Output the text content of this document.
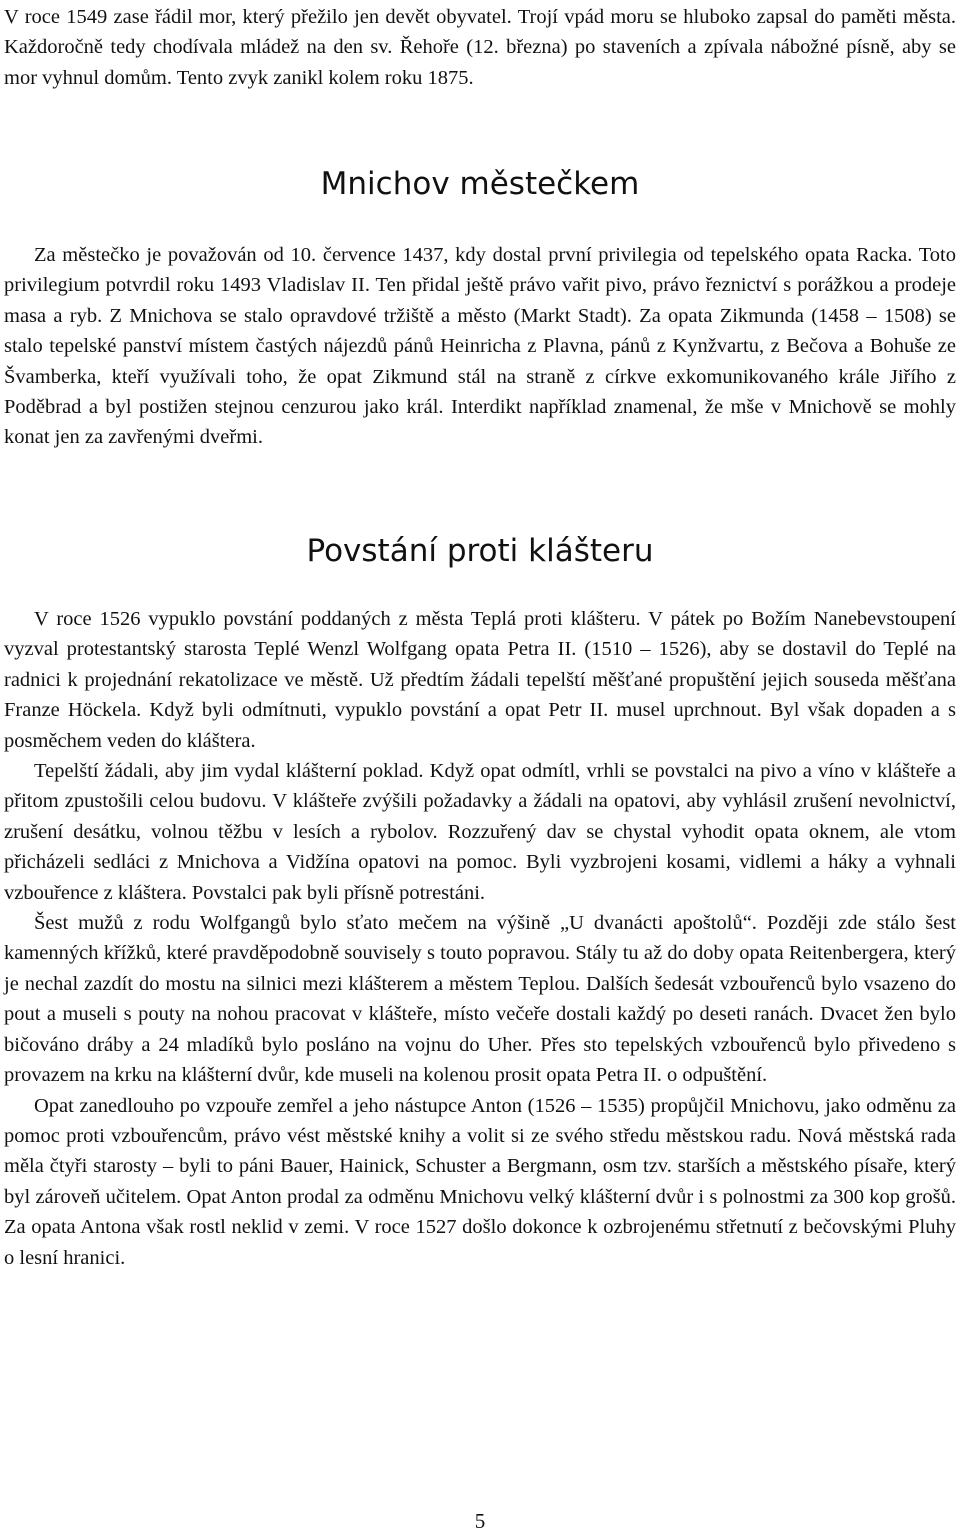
V roce 1549 zase řádil mor, který přežilo jen devět obyvatel. Trojí vpád moru se hluboko zapsal do paměti města. Každoročně tedy chodívala mládež na den sv. Řehoře (12. března) po staveních a zpívala nábožné písně, aby se mor vyhnul domům. Tento zvyk zanikl kolem roku 1875.

Mnichov městečkem

Za městečko je považován od 10. července 1437, kdy dostal první privilegia od tepelského opata Racka. Toto privilegium potvrdil roku 1493 Vladislav II. Ten přidal ještě právo vařit pivo, právo řeznictví s porážkou a prodeje masa a ryb. Z Mnichova se stalo opravdové tržiště a město (Markt Stadt). Za opata Zikmunda (1458 – 1508) se stalo tepelské panství místem častých nájezdů pánů Heinricha z Plavna, pánů z Kynžvartu, z Bečova a Bohuše ze Švamberka, kteří využívali toho, že opat Zikmund stál na straně z církve exkomunikovaného krále Jiřího z Poděbrad a byl postižen stejnou cenzurou jako král. Interdikt například znamenal, že mše v Mnichově se mohly konat jen za zavřenými dveřmi.

Povstání proti klášteru

V roce 1526 vypuklo povstání poddaných z města Teplá proti klášteru. V pátek po Božím Nanebevstoupení vyzval protestantský starosta Teplé Wenzl Wolfgang opata Petra II. (1510 – 1526), aby se dostavil do Teplé na radnici k projednání rekatolizace ve městě. Už předtím žádali tepelští měšťané propuštění jejich souseda měšťana Franze Höckela. Když byli odmítnuti, vypuklo povstání a opat Petr II. musel uprchnout. Byl však dopaden a s posměchem veden do kláštera.

Tepelští žádali, aby jim vydal klášterní poklad. Když opat odmítl, vrhli se povstalci na pivo a víno v klášteře a přitom zpustošili celou budovu. V klášteře zvýšili požadavky a žádali na opatovi, aby vyhlásil zrušení nevolnictví, zrušení desátku, volnou těžbu v lesích a rybolov. Rozzuřený dav se chystal vyhodit opata oknem, ale vtom přicházeli sedláci z Mnichova a Vidžína opatovi na pomoc. Byli vyzbrojeni kosami, vidlemi a háky a vyhnali vzbouřence z kláštera. Povstalci pak byli přísně potrestáni.

Šest mužů z rodu Wolfgangů bylo sťato mečem na výšině „U dvanácti apoštolů“. Později zde stálo šest kamenných křížků, které pravděpodobně souvisely s touto popravou. Stály tu až do doby opata Reitenbergera, který je nechal zazdít do mostu na silnici mezi klášterem a městem Teplou. Dalších šedesát vzbouřenců bylo vsazeno do pout a museli s pouty na nohou pracovat v klášteře, místo večeře dostali každý po deseti ranách. Dvacet žen bylo bičováno dráby a 24 mladíků bylo posláno na vojnu do Uher. Přes sto tepelských vzbouřenců bylo přivedeno s provazem na krku na klášterní dvůr, kde museli na kolenou prosit opata Petra II. o odpuštění.

Opat zanedlouho po vzpouře zemřel a jeho nástupce Anton (1526 – 1535) propůjčil Mnichovu, jako odměnu za pomoc proti vzbouřencům, právo vést městské knihy a volit si ze svého středu městskou radu. Nová městská rada měla čtyři starosty – byli to páni Bauer, Hainick, Schuster a Bergmann, osm tzv. starších a městského písaře, který byl zároveň učitelem. Opat Anton prodal za odměnu Mnichovu velký klášterní dvůr i s polnostmi za 300 kop grošů. Za opata Antona však rostl neklid v zemi. V roce 1527 došlo dokonce k ozbrojenému střetnutí z bečovskými Pluhy o lesní hranici.

5
